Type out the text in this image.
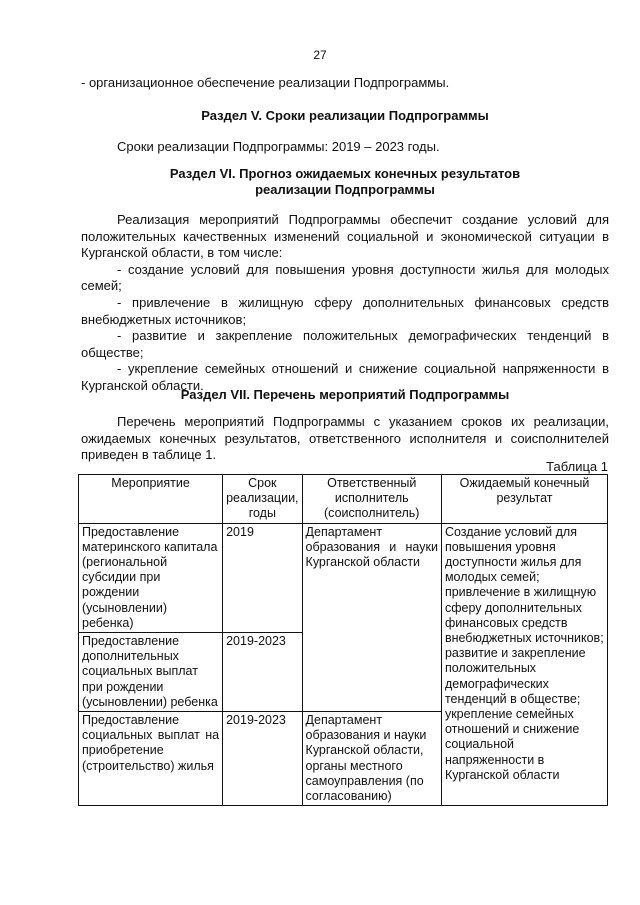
27
- организационное обеспечение реализации Подпрограммы.
Раздел V. Сроки реализации Подпрограммы
Сроки реализации Подпрограммы: 2019 – 2023 годы.
Раздел VI. Прогноз ожидаемых конечных результатов
реализации Подпрограммы

Реализация мероприятий Подпрограммы обеспечит создание условий для положительных качественных изменений социальной и экономической ситуации в Курганской области, в том числе:

- создание условий для повышения уровня доступности жилья для молодых семей;

- привлечение в жилищную сферу дополнительных финансовых средств внебюджетных источников;

- развитие и закрепление положительных демографических тенденций в обществе;

- укрепление семейных отношений и снижение социальной напряженности в Курганской области.

Раздел VII. Перечень мероприятий Подпрограммы

Перечень мероприятий Подпрограммы с указанием сроков их реализации, ожидаемых конечных результатов, ответственного исполнителя и соисполнителей приведен в таблице 1.

Таблица 1
Мероприятие	Срок реализации, годы	Ответственный исполнитель (соисполнитель)	Ожидаемый конечный результат
Предоставление материнского капитала (региональной субсидии при рождении (усыновлении) ребенка)	2019	Департамент образования и науки Курганской области	Создание условий для повышения уровня доступности жилья для молодых семей; привлечение в жилищную сферу дополнительных финансовых средств внебюджетных источников; развитие и закрепление положительных демографических тенденций в обществе; укрепление семейных отношений и снижение социальной напряженности в Курганской области
Предоставление дополнительных социальных выплат при рождении (усыновлении) ребенка	2019-2023		
Предоставление социальных выплат на приобретение (строительство) жилья	2019-2023	Департамент образования и науки Курганской области, органы местного самоуправления (по согласованию)	
